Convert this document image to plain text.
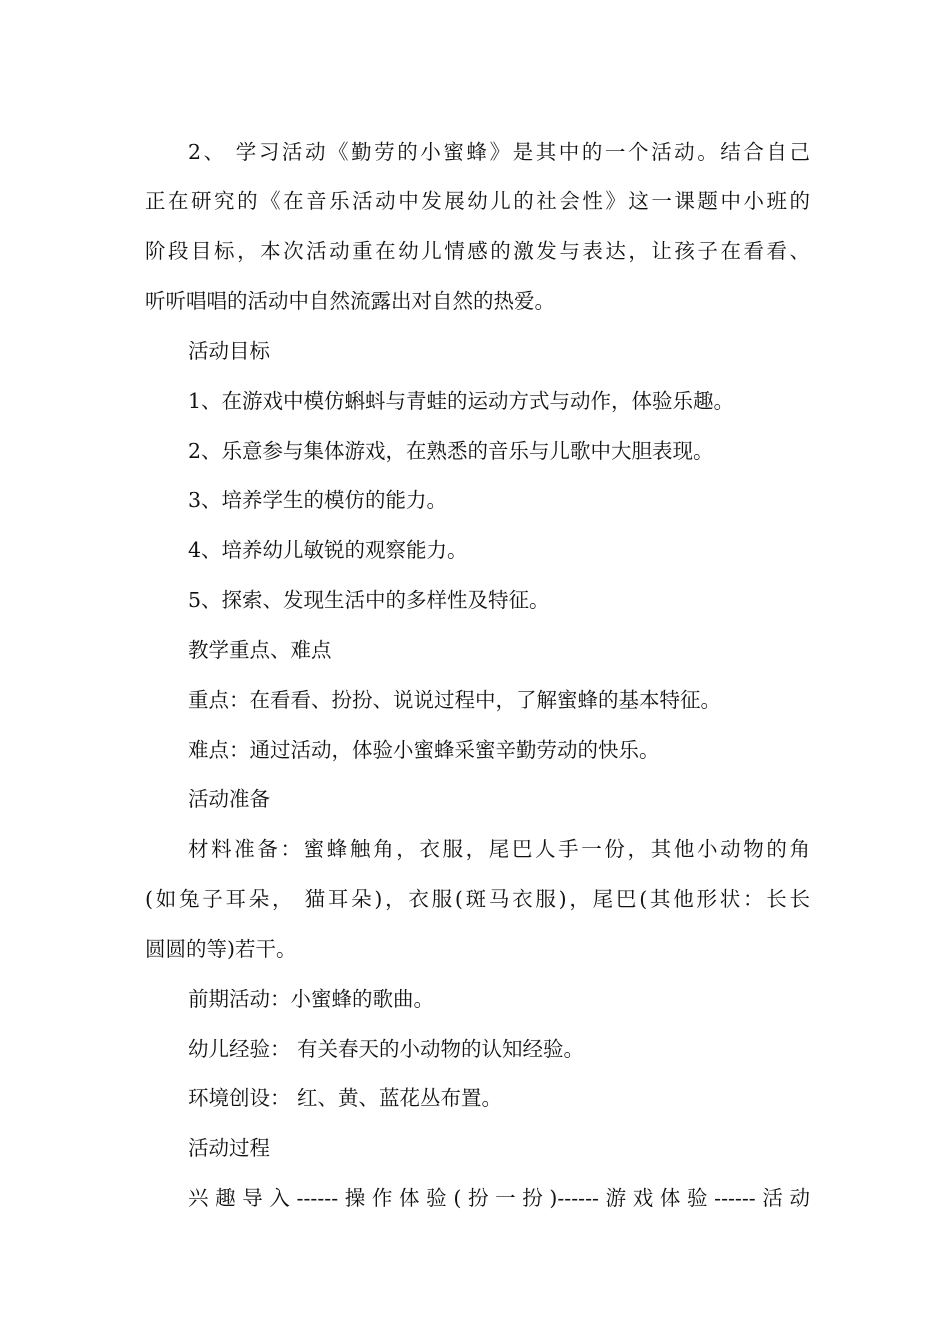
2、 学习活动《勤劳的小蜜蜂》是其中的一个活动。结合自己
正在研究的《在音乐活动中发展幼儿的社会性》这一课题中小班的
阶段目标，本次活动重在幼儿情感的激发与表达，让孩子在看看、
听听唱唱的活动中自然流露出对自然的热爱。
活动目标
1、在游戏中模仿蝌蚪与青蛙的运动方式与动作，体验乐趣。
2、乐意参与集体游戏，在熟悉的音乐与儿歌中大胆表现。
3、培养学生的模仿的能力。
4、培养幼儿敏锐的观察能力。
5、探索、发现生活中的多样性及特征。
教学重点、难点
重点：在看看、扮扮、说说过程中，了解蜜蜂的基本特征。
难点：通过活动，体验小蜜蜂采蜜辛勤劳动的快乐。
活动准备
材料准备：蜜蜂触角，衣服，尾巴人手一份，其他小动物的角
(如兔子耳朵， 猫耳朵)，衣服(斑马衣服)，尾巴(其他形状：长长
圆圆的等)若干。
前期活动：小蜜蜂的歌曲。
幼儿经验： 有关春天的小动物的认知经验。
环境创设： 红、黄、蓝花丛布置。
活动过程
兴趣导入------操作体验(扮一扮)------游戏体验------活动
